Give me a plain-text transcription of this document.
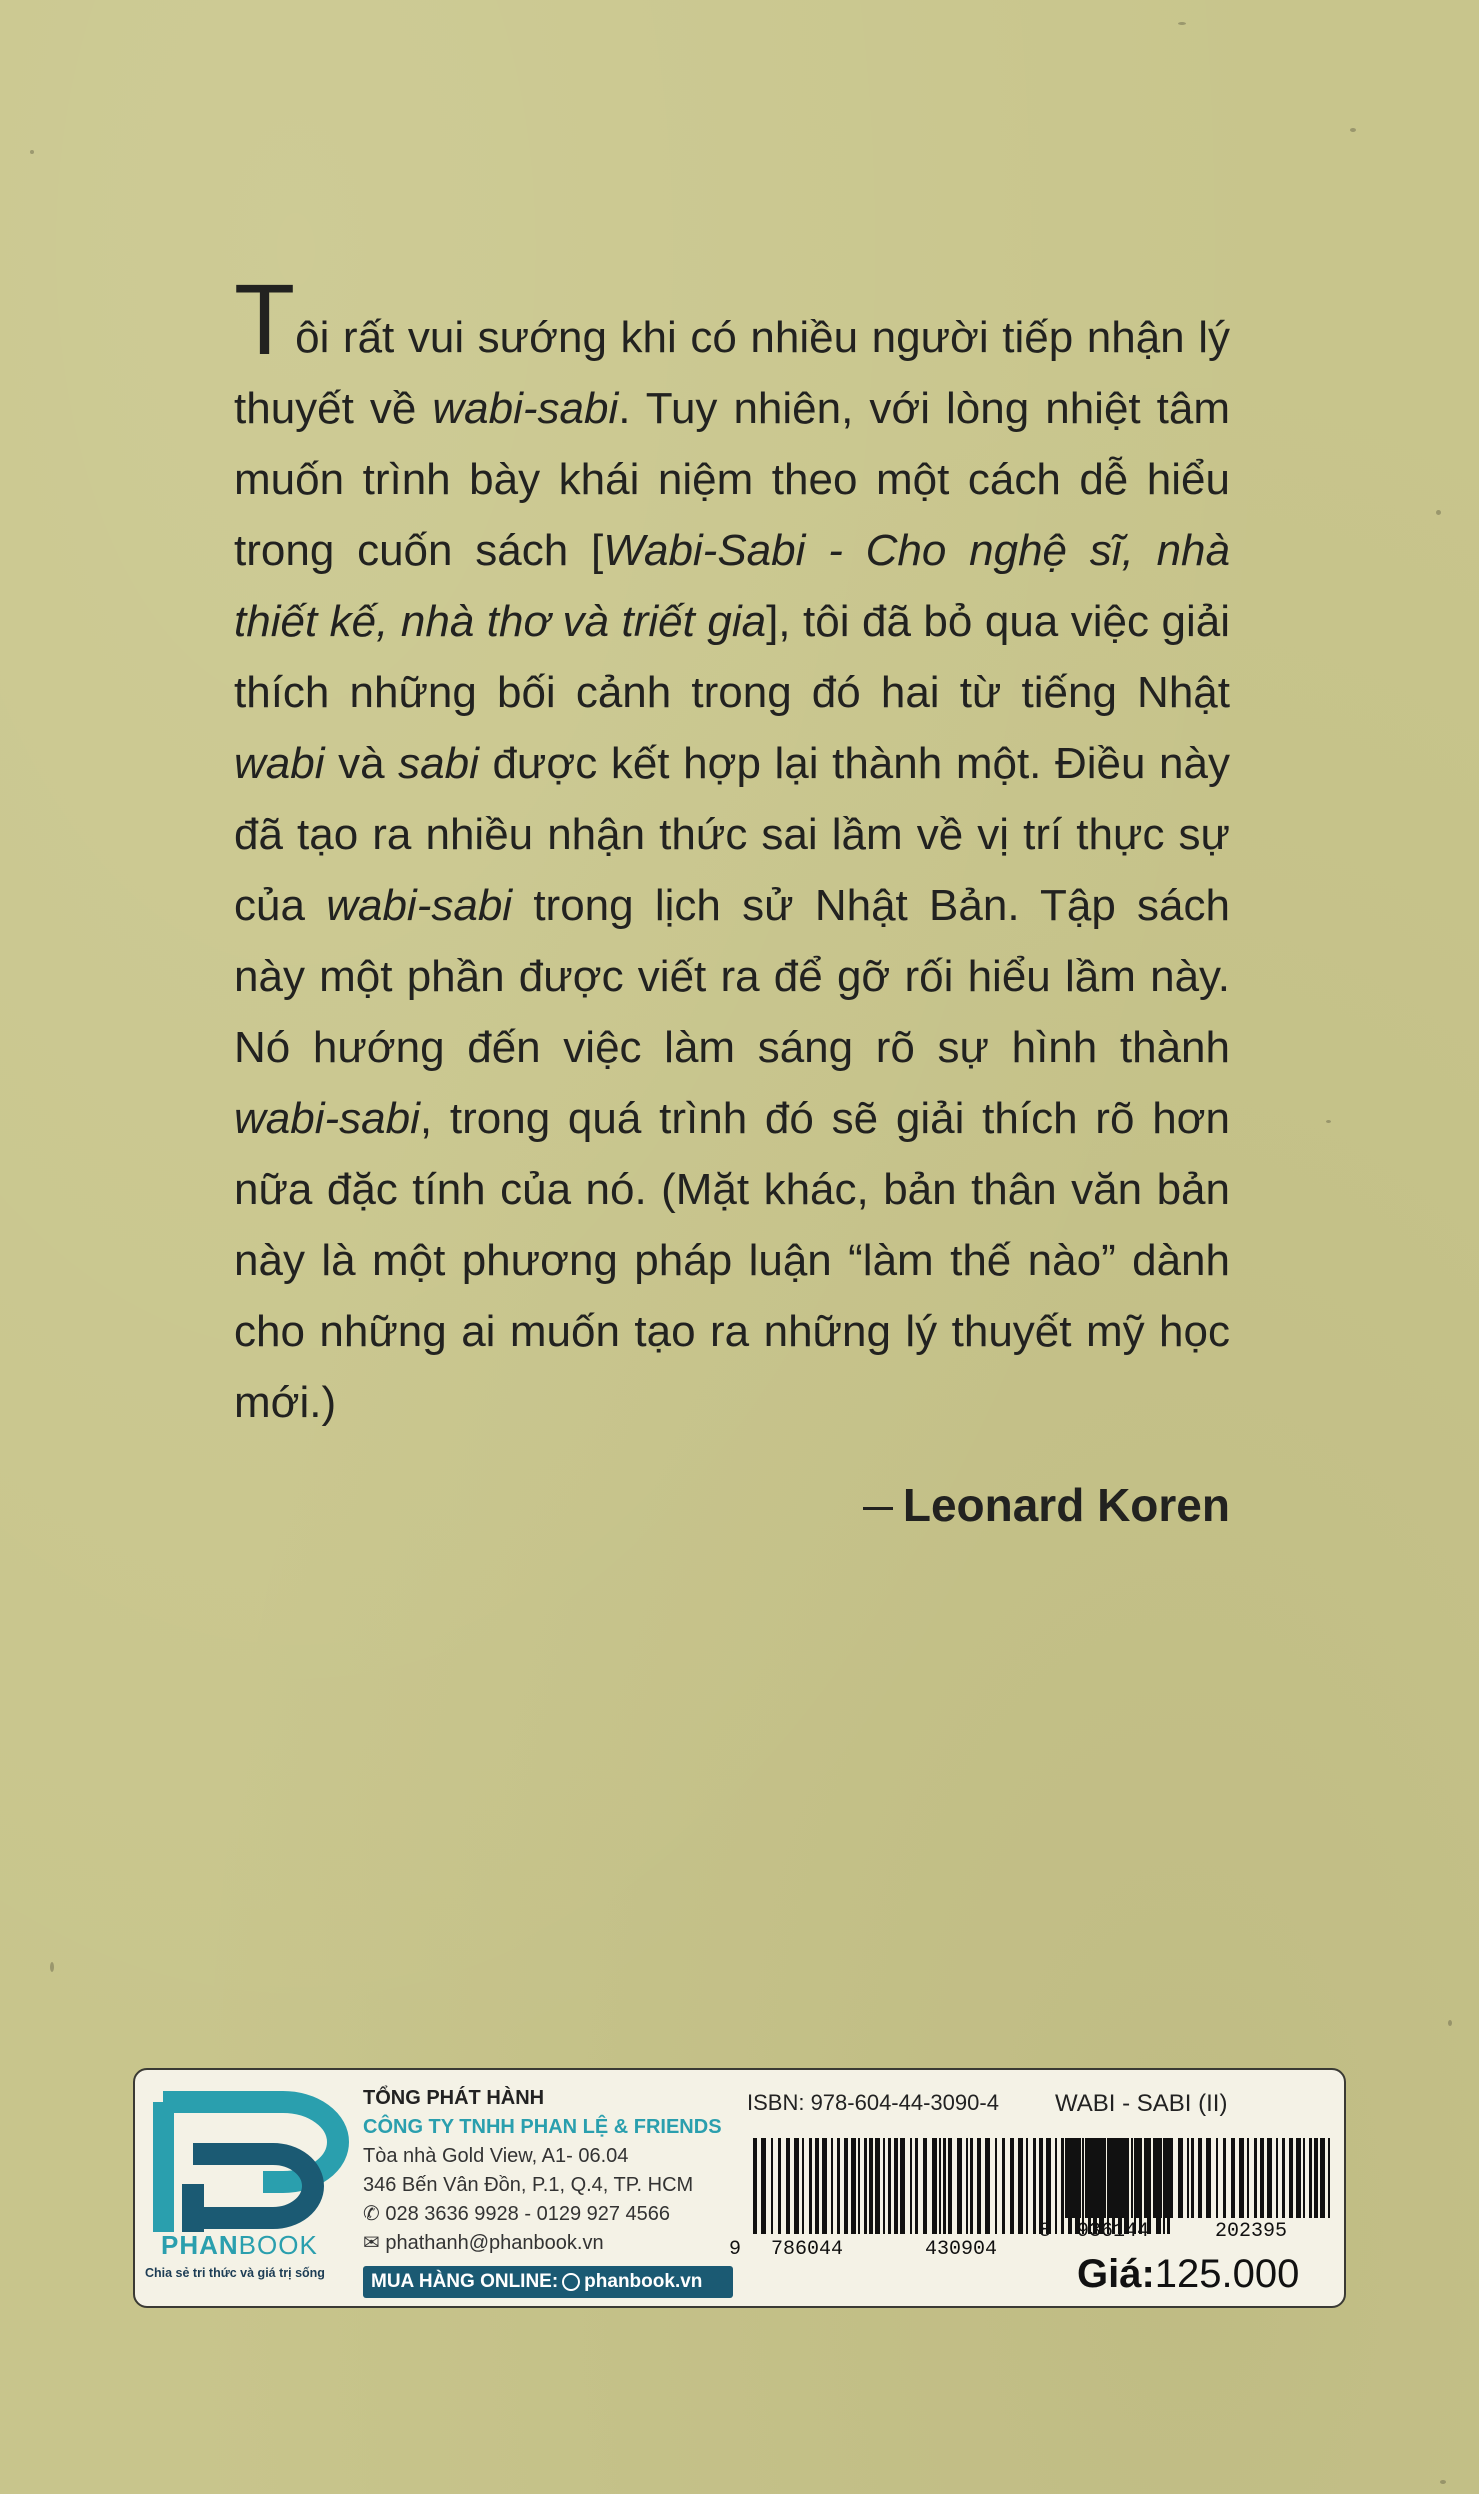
Tôi rất vui sướng khi có nhiều người tiếp nhận lý thuyết về wabi-sabi. Tuy nhiên, với lòng nhiệt tâm muốn trình bày khái niệm theo một cách dễ hiểu trong cuốn sách [Wabi-Sabi - Cho nghệ sĩ, nhà thiết kế, nhà thơ và triết gia], tôi đã bỏ qua việc giải thích những bối cảnh trong đó hai từ tiếng Nhật wabi và sabi được kết hợp lại thành một. Điều này đã tạo ra nhiều nhận thức sai lầm về vị trí thực sự của wabi-sabi trong lịch sử Nhật Bản. Tập sách này một phần được viết ra để gỡ rối hiểu lầm này. Nó hướng đến việc làm sáng rõ sự hình thành wabi-sabi, trong quá trình đó sẽ giải thích rõ hơn nữa đặc tính của nó. (Mặt khác, bản thân văn bản này là một phương pháp luận “làm thế nào” dành cho những ai muốn tạo ra những lý thuyết mỹ học mới.)
Leonard Koren
PHANBOOK
Chia sẻ tri thức và giá trị sống
TỔNG PHÁT HÀNH
CÔNG TY TNHH PHAN LỆ & FRIENDS
Tòa nhà Gold View, A1- 06.04
346 Bến Vân Đồn, P.1, Q.4, TP. HCM
✆ 028 3636 9928 - 0129 927 4566
✉ phathanh@phanbook.vn
MUA HÀNG ONLINE: phanbook.vn
ISBN: 978-604-44-3090-4 WABI - SABI (II)
9 786044	430904
8 936144	202395
Giá:125.000
